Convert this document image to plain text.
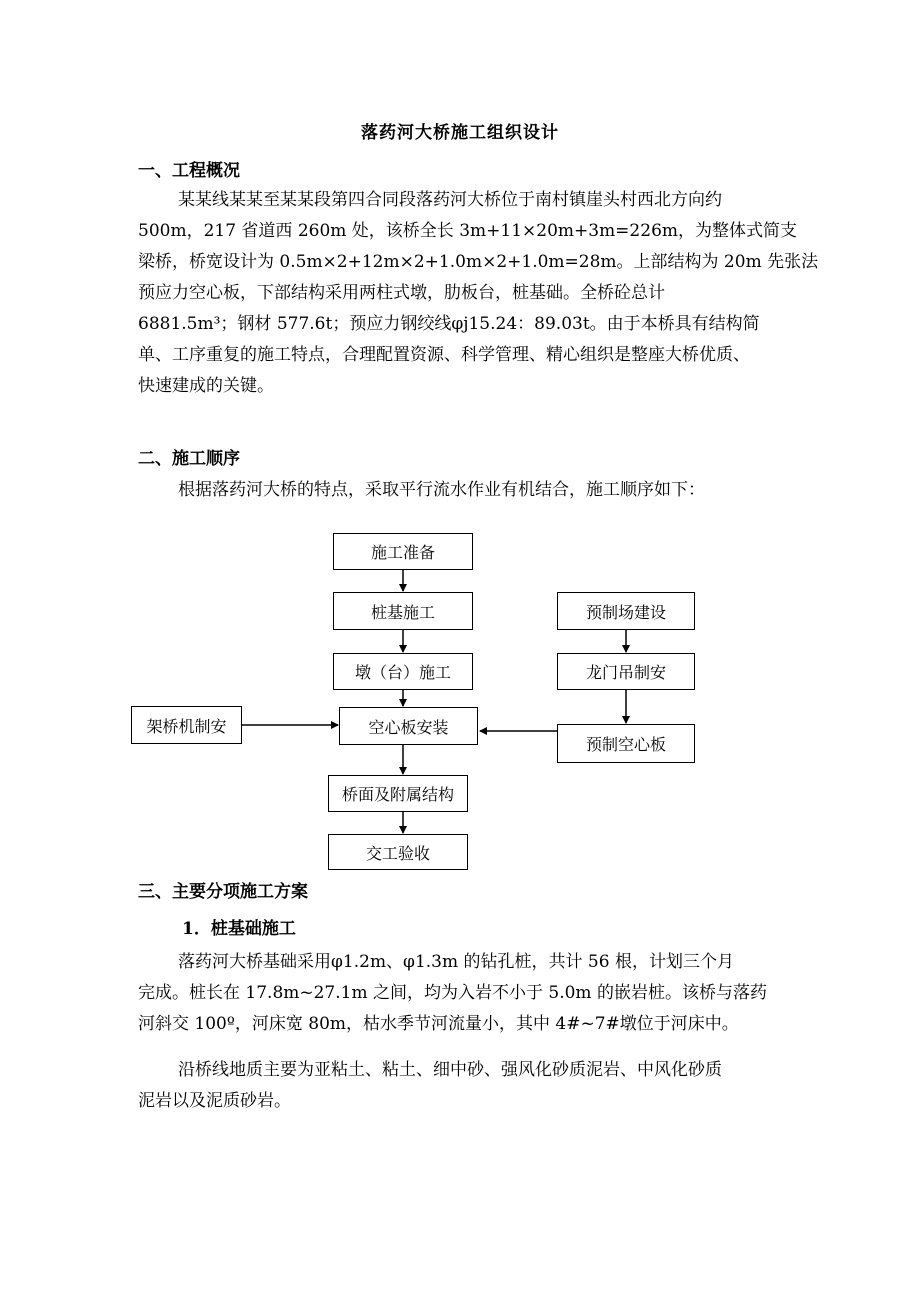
落药河大桥施工组织设计
一、工程概况
某某线某某至某某段第四合同段落药河大桥位于南村镇崖头村西北方向约
500m，217 省道西 260m 处，该桥全长 3m+11×20m+3m=226m，为整体式简支
梁桥，桥宽设计为 0.5m×2+12m×2+1.0m×2+1.0m=28m。上部结构为 20m 先张法
预应力空心板，下部结构采用两柱式墩，肋板台，桩基础。全桥砼总计
6881.5m³；钢材 577.6t；预应力钢绞线φj15.24：89.03t。由于本桥具有结构简
单、工序重复的施工特点，合理配置资源、科学管理、精心组织是整座大桥优质、
快速建成的关键。
二、施工顺序
根据落药河大桥的特点，采取平行流水作业有机结合，施工顺序如下：
施工准备
桩基施工
墩（台）施工
空心板安装
桥面及附属结构
交工验收
预制场建设
龙门吊制安
预制空心板
架桥机制安
三、主要分项施工方案
1．桩基础施工
落药河大桥基础采用φ1.2m、φ1.3m 的钻孔桩，共计 56 根，计划三个月
完成。桩长在 17.8m~27.1m 之间，均为入岩不小于 5.0m 的嵌岩桩。该桥与落药
河斜交 100º，河床宽 80m，枯水季节河流量小，其中 4#~7#墩位于河床中。
沿桥线地质主要为亚粘土、粘土、细中砂、强风化砂质泥岩、中风化砂质
泥岩以及泥质砂岩。
